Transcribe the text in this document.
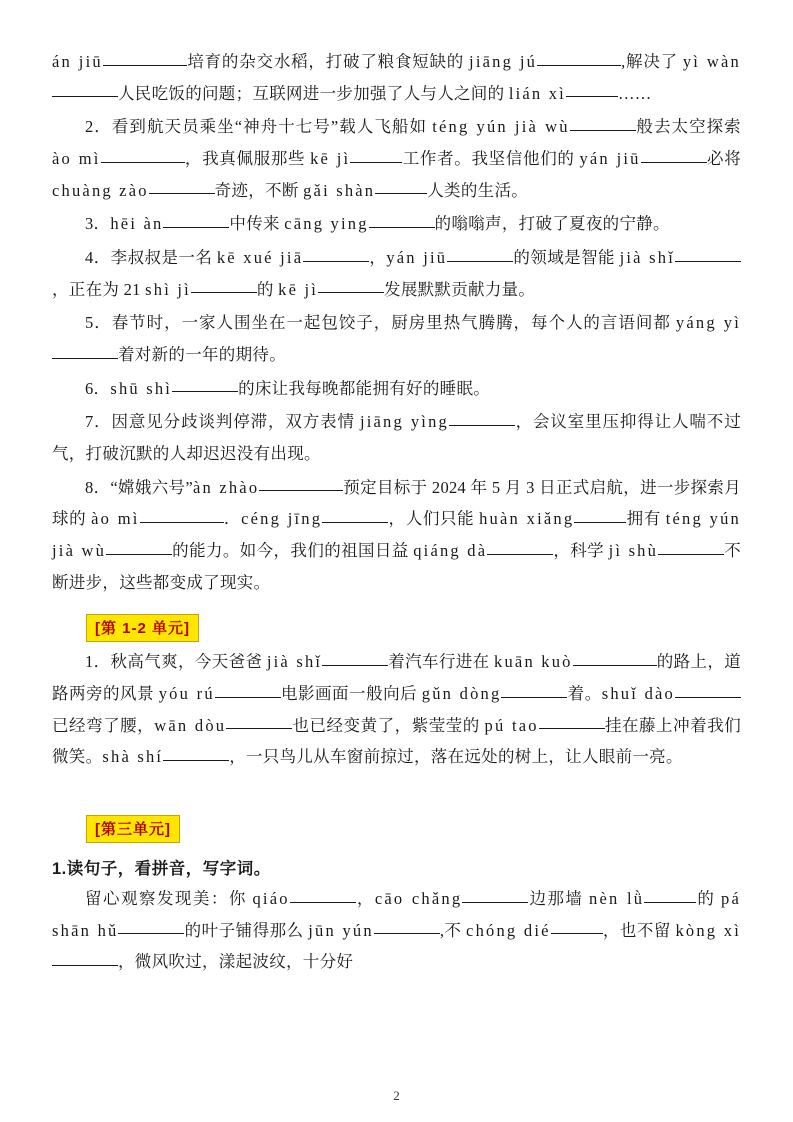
án jiū	培育的杂交水稻，打破了粮食短缺的 jiāng jú	,解决了 yì wàn 人民吃饭的问题；互联网进一步加强了人与人之间的 lián xì	……

2．看到航天员乘坐“神舟十七号”载人飞船如 téng yún jià wù	般去太空探索 ào mì	，我真佩服那些 kē jì	工作者。我坚信他们的 yán jiū	必将 chuàng zào	奇迹，不断 gǎi shàn	人类的生活。

3．hēi àn	中传来 cāng ying	的嗡嗡声，打破了夏夜的宁静。

4．李叔叔是一名 kē xué jiā	，yán jiū	的领域是智能 jià shǐ ，正在为 21 shì jì	的 kē jì	发展默默贡献力量。

5．春节时，一家人围坐在一起包饺子，厨房里热气腾腾，每个人的言语间都 yáng yì 着对新的一年的期待。

6．shū shì	的床让我每晚都能拥有好的睡眠。

7．因意见分歧谈判停滞，双方表情 jiāng yìng	，会议室里压抑得让人喘不过气，打破沉默的人却迟迟没有出现。

8．“嫦娥六号”àn zhào	预定目标于 2024 年 5 月 3 日正式启航，进一步探索月球的 ào mì	．céng jīng	，人们只能 huàn xiǎng	拥有 téng yún jià wù	的能力。如今，我们的祖国日益 qiáng dà	，科学 jì shù	不断进步，这些都变成了现实。

[第 1-2 单元]

1．秋高气爽，今天爸爸 jià shǐ	着汽车行进在 kuān kuò	的路上，道路两旁的风景 yóu rú	电影画面一般向后 gǔn dòng	着。shuǐ dào 已经弯了腰，wān dòu	也已经变黄了，紫莹莹的 pú tao	挂在藤上冲着我们微笑。shà shí	，一只鸟儿从车窗前掠过，落在远处的树上，让人眼前一亮。

[第三单元]
1.读句子，看拼音，写字词。

留心观察发现美：你 qiáo	，cāo chǎng	边那墙 nèn lǜ	的 pá shān hǔ	的叶子铺得那么 jūn yún	,不 chóng dié	，也不留 kòng xì ，微风吹过，漾起波纹，十分好

2
